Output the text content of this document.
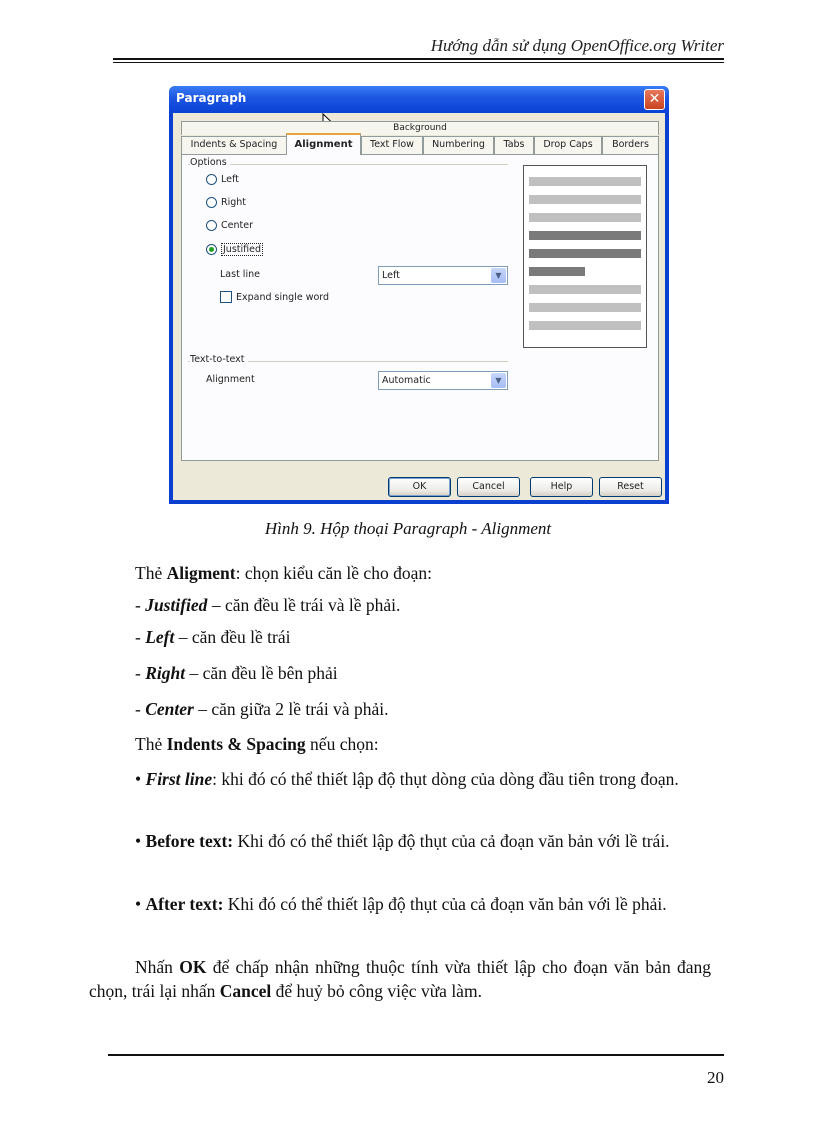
Hướng dẫn sử dụng OpenOffice.org Writer
Paragraph	✕
Background
Indents & Spacing	Alignment	Text Flow	Numbering	Tabs	Drop Caps	Borders
Options
Left
Right
Center
Justified
Last line	Left	▼
Expand single word
Text-to-text
Alignment	Automatic	▼
OK	Cancel	Help	Reset
Hình 9. Hộp thoại Paragraph - Alignment
Thẻ Aligment: chọn kiểu căn lề cho đoạn:
- Justified – căn đều lề trái và lề phải.
- Left – căn đều lề trái
- Right – căn đều lề bên phải
- Center – căn giữa 2 lề trái và phải.
Thẻ Indents & Spacing nếu chọn:
• First line: khi đó có thể thiết lập độ thụt dòng của dòng đầu tiên trong đoạn.
• Before text: Khi đó có thể thiết lập độ thụt của cả đoạn văn bản với lề trái.
• After text: Khi đó có thể thiết lập độ thụt của cả đoạn văn bản với lề phải.
Nhấn OK để chấp nhận những thuộc tính vừa thiết lập cho đoạn văn bản đang chọn, trái lại nhấn Cancel để huỷ bỏ công việc vừa làm.
20
